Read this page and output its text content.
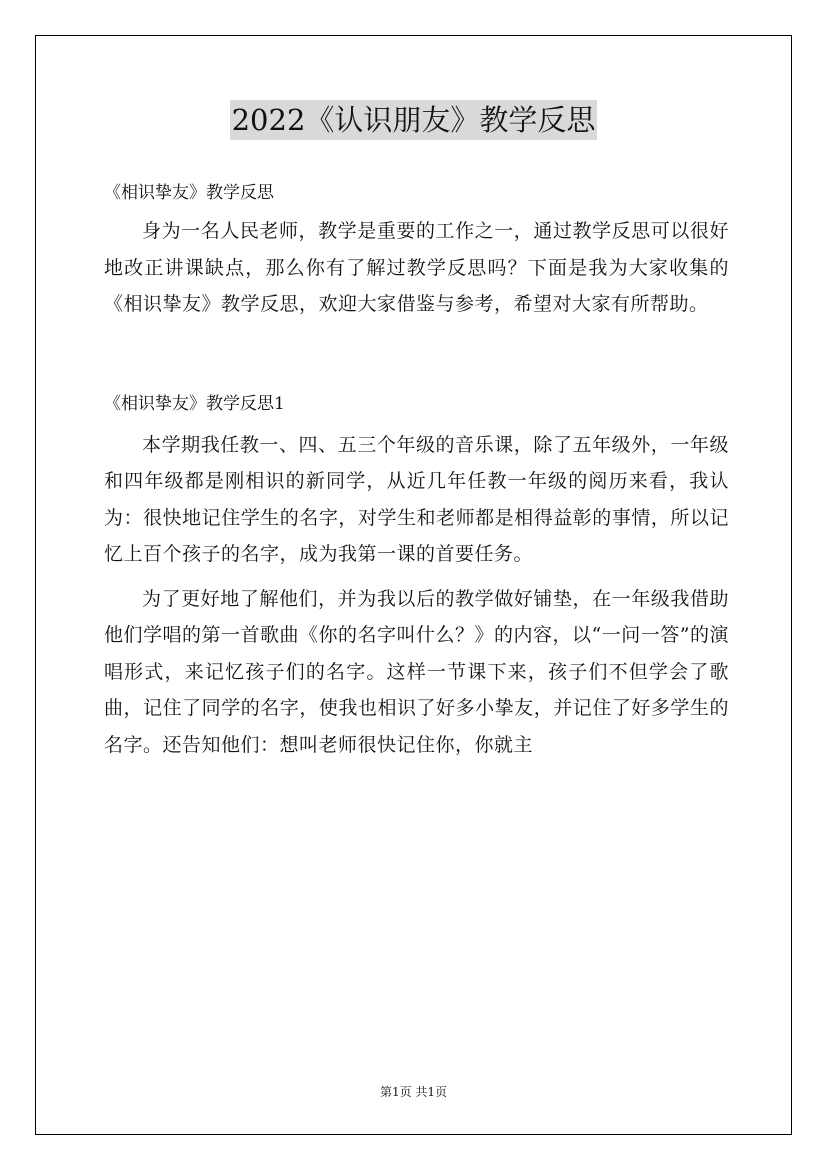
2022《认识朋友》教学反思

《相识挚友》教学反思

身为一名人民老师，教学是重要的工作之一，通过教学反思可以很好地改正讲课缺点，那么你有了解过教学反思吗？下面是我为大家收集的《相识挚友》教学反思，欢迎大家借鉴与参考，希望对大家有所帮助。

《相识挚友》教学反思1

本学期我任教一、四、五三个年级的音乐课，除了五年级外，一年级和四年级都是刚相识的新同学，从近几年任教一年级的阅历来看，我认为：很快地记住学生的名字，对学生和老师都是相得益彰的事情，所以记忆上百个孩子的名字，成为我第一课的首要任务。

为了更好地了解他们，并为我以后的教学做好铺垫，在一年级我借助他们学唱的第一首歌曲《你的名字叫什么？》的内容，以“一问一答”的演唱形式，来记忆孩子们的名字。这样一节课下来，孩子们不但学会了歌曲，记住了同学的名字，使我也相识了好多小挚友，并记住了好多学生的名字。还告知他们：想叫老师很快记住你，你就主

第1页 共1页
